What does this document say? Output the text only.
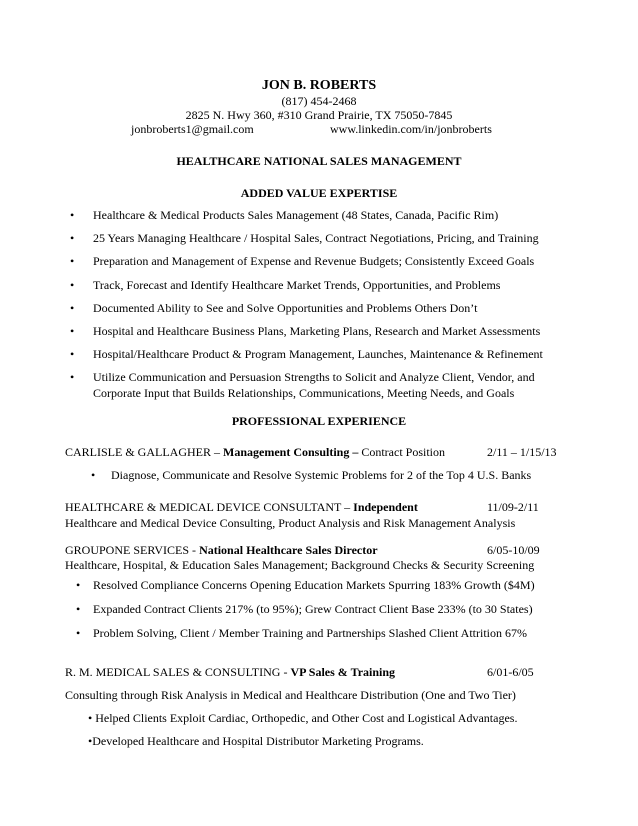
JON B. ROBERTS
(817) 454-2468
2825 N. Hwy 360, #310 Grand Prairie, TX 75050-7845
jonbroberts1@gmail.com	www.linkedin.com/in/jonbroberts
HEALTHCARE NATIONAL SALES MANAGEMENT
ADDED VALUE EXPERTISE
• Healthcare & Medical Products Sales Management (48 States, Canada, Pacific Rim)
• 25 Years Managing Healthcare / Hospital Sales, Contract Negotiations, Pricing, and Training
• Preparation and Management of Expense and Revenue Budgets; Consistently Exceed Goals
• Track, Forecast and Identify Healthcare Market Trends, Opportunities, and Problems
• Documented Ability to See and Solve Opportunities and Problems Others Don’t
• Hospital and Healthcare Business Plans, Marketing Plans, Research and Market Assessments
• Hospital/Healthcare Product & Program Management, Launches, Maintenance & Refinement
• Utilize Communication and Persuasion Strengths to Solicit and Analyze Client, Vendor, and
Corporate Input that Builds Relationships, Communications, Meeting Needs, and Goals
PROFESSIONAL EXPERIENCE
CARLISLE & GALLAGHER – Management Consulting – Contract Position	2/11 – 1/15/13
• Diagnose, Communicate and Resolve Systemic Problems for 2 of the Top 4 U.S. Banks
HEALTHCARE & MEDICAL DEVICE CONSULTANT – Independent	11/09-2/11
Healthcare and Medical Device Consulting, Product Analysis and Risk Management Analysis
GROUPONE SERVICES - National Healthcare Sales Director	6/05-10/09
Healthcare, Hospital, & Education Sales Management; Background Checks & Security Screening
• Resolved Compliance Concerns Opening Education Markets Spurring 183% Growth ($4M)
• Expanded Contract Clients 217% (to 95%); Grew Contract Client Base 233% (to 30 States)
• Problem Solving, Client / Member Training and Partnerships Slashed Client Attrition 67%
R. M. MEDICAL SALES & CONSULTING - VP Sales & Training	6/01-6/05
Consulting through Risk Analysis in Medical and Healthcare Distribution (One and Two Tier)
• Helped Clients Exploit Cardiac, Orthopedic, and Other Cost and Logistical Advantages.
•Developed Healthcare and Hospital Distributor Marketing Programs.
